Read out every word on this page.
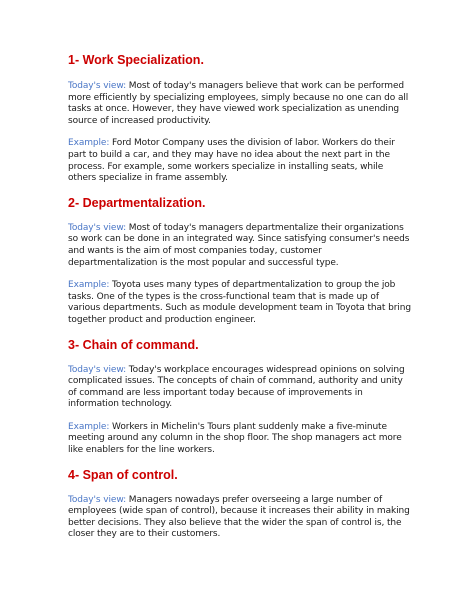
1- Work Specialization.

Today's view: Most of today's managers believe that work can be performed more efficiently by specializing employees, simply because no one can do all tasks at once. However, they have viewed work specialization as unending source of increased productivity.

Example: Ford Motor Company uses the division of labor. Workers do their part to build a car, and they may have no idea about the next part in the process. For example, some workers specialize in installing seats, while others specialize in frame assembly.

2- Departmentalization.

Today's view: Most of today's managers departmentalize their organizations so work can be done in an integrated way. Since satisfying consumer's needs and wants is the aim of most companies today, customer departmentalization is the most popular and successful type.

Example: Toyota uses many types of departmentalization to group the job tasks. One of the types is the cross-functional team that is made up of various departments. Such as module development team in Toyota that bring together product and production engineer.

3- Chain of command.

Today's view: Today's workplace encourages widespread opinions on solving complicated issues. The concepts of chain of command, authority and unity of command are less important today because of improvements in information technology.

Example: Workers in Michelin's Tours plant suddenly make a five-minute meeting around any column in the shop floor. The shop managers act more like enablers for the line workers.

4- Span of control.

Today's view: Managers nowadays prefer overseeing a large number of employees (wide span of control), because it increases their ability in making better decisions. They also believe that the wider the span of control is, the closer they are to their customers.
